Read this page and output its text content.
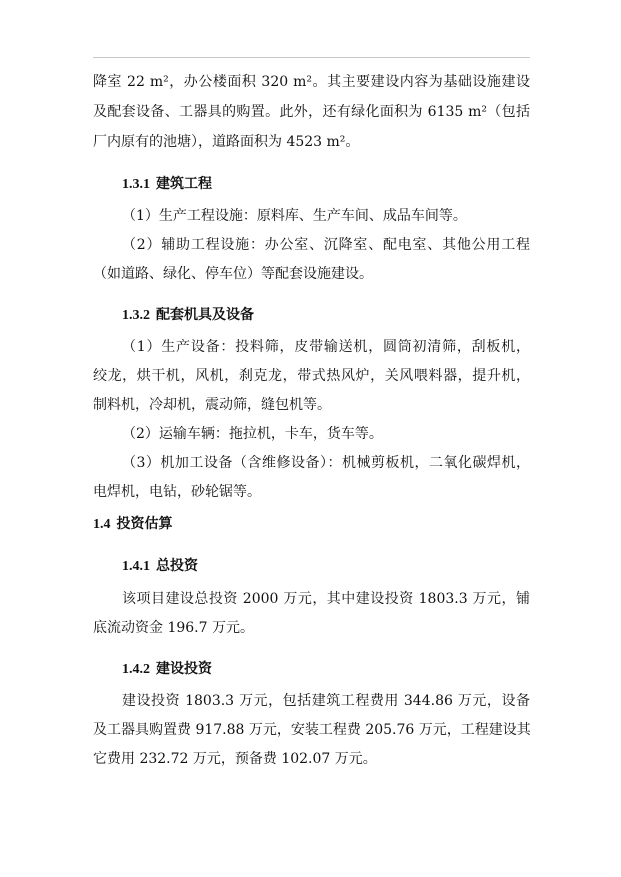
降室 22 m²，办公楼面积 320 m²。其主要建设内容为基础设施建设
及配套设备、工器具的购置。此外，还有绿化面积为 6135 m²（包括
厂内原有的池塘），道路面积为 4523 m²。
1.3.1 建筑工程
（1）生产工程设施：原料库、生产车间、成品车间等。
（2）辅助工程设施：办公室、沉降室、配电室、其他公用工程
（如道路、绿化、停车位）等配套设施建设。
1.3.2 配套机具及设备
（1）生产设备：投料筛，皮带输送机，圆筒初清筛，刮板机，
绞龙，烘干机，风机，刹克龙，带式热风炉，关风喂料器，提升机，
制料机，冷却机，震动筛，缝包机等。
（2）运输车辆：拖拉机，卡车，货车等。
（3）机加工设备（含维修设备）：机械剪板机，二氧化碳焊机，
电焊机，电钻，砂轮锯等。
1.4 投资估算
1.4.1 总投资
该项目建设总投资 2000 万元，其中建设投资 1803.3 万元，铺
底流动资金 196.7 万元。
1.4.2 建设投资
建设投资 1803.3 万元，包括建筑工程费用 344.86 万元，设备
及工器具购置费 917.88 万元，安装工程费 205.76 万元，工程建设其
它费用 232.72 万元，预备费 102.07 万元。
